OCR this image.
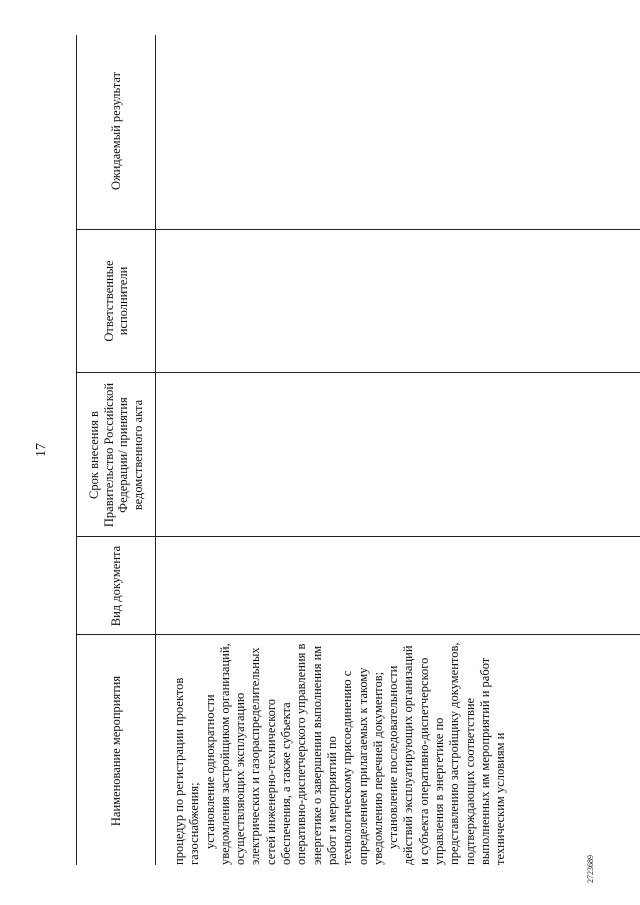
17
Наименование мероприятия
Вид документа
Срок внесения в Правительство Российской Федерации/ принятия ведомственного акта
Ответственные исполнители
Ожидаемый результат

процедур по регистрации проектов газоснабжения; установление однократности уведомления застройщиком организаций, осуществляющих эксплуатацию электрических и газораспределительных сетей инженерно-технического обеспечения, а также субъекта оперативно-диспетчерского управления в энергетике о завершении выполнения им работ и мероприятий по технологическому присоединению с определением прилагаемых к такому уведомлению перечней документов; установление последовательности действий эксплуатирующих организаций и субъекта оперативно-диспетчерского управления в энергетике по представлению застройщику документов, подтверждающих соответствие выполненных им мероприятий и работ техническим условиям и

2723689
